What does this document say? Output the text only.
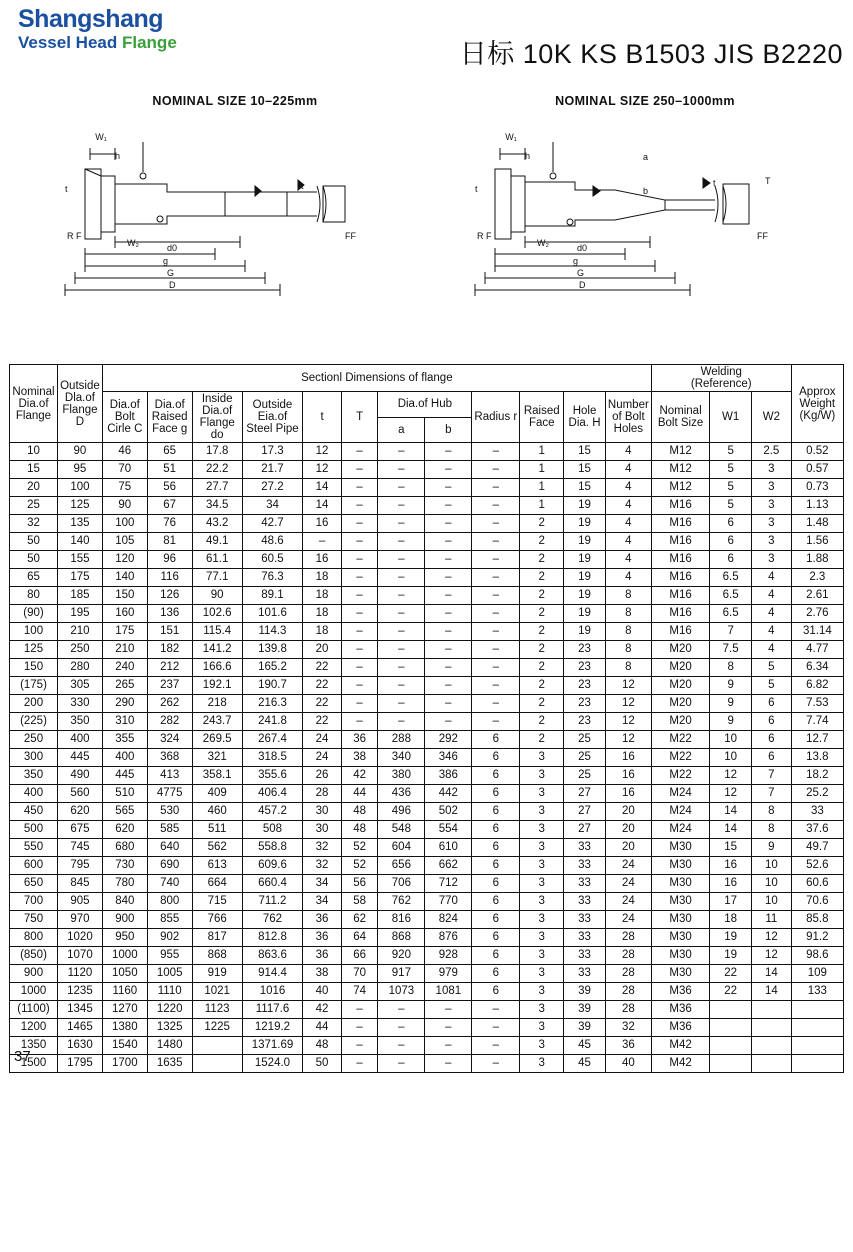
Shangshang
Vessel Head Flange	日标 10K KS B1503 JIS B2220
NOMINAL SIZE 10–225mm
W₁
h
t	t
R F
W₂	d0
g
G
D
FF
NOMINAL SIZE 250–1000mm
W₁
h	a
b
t
T
t
R F
W₂	d0
g
G
D
FF
Nominal Dia.of Flange	Outside Dla.of Flange D	Sectionl Dimensions of flange												Welding
(Reference)			Approx Weight (Kg/W)
		Dia.of Bolt Cirle C	Dia.of Raised Face g	Inside Dia.of Flange do	Outside Eia.of Steel Pipe	t	T	Dia.of Hub		Radius r	Raised Face	Hole Dia. H	Number of Bolt Holes	Nominal Bolt Size	W1	W2	
								a	b								
10	90	46	65	17.8	17.3	12	–	–	–	–	1	15	4	M12	5	2.5	0.52
15	95	70	51	22.2	21.7	12	–	–	–	–	1	15	4	M12	5	3	0.57
20	100	75	56	27.7	27.2	14	–	–	–	–	1	15	4	M12	5	3	0.73
25	125	90	67	34.5	34	14	–	–	–	–	1	19	4	M16	5	3	1.13
32	135	100	76	43.2	42.7	16	–	–	–	–	2	19	4	M16	6	3	1.48
50	140	105	81	49.1	48.6	–	–	–	–	–	2	19	4	M16	6	3	1.56
50	155	120	96	61.1	60.5	16	–	–	–	–	2	19	4	M16	6	3	1.88
65	175	140	116	77.1	76.3	18	–	–	–	–	2	19	4	M16	6.5	4	2.3
80	185	150	126	90	89.1	18	–	–	–	–	2	19	8	M16	6.5	4	2.61
(90)	195	160	136	102.6	101.6	18	–	–	–	–	2	19	8	M16	6.5	4	2.76
100	210	175	151	115.4	114.3	18	–	–	–	–	2	19	8	M16	7	4	31.14
125	250	210	182	141.2	139.8	20	–	–	–	–	2	23	8	M20	7.5	4	4.77
150	280	240	212	166.6	165.2	22	–	–	–	–	2	23	8	M20	8	5	6.34
(175)	305	265	237	192.1	190.7	22	–	–	–	–	2	23	12	M20	9	5	6.82
200	330	290	262	218	216.3	22	–	–	–	–	2	23	12	M20	9	6	7.53
(225)	350	310	282	243.7	241.8	22	–	–	–	–	2	23	12	M20	9	6	7.74
250	400	355	324	269.5	267.4	24	36	288	292	6	2	25	12	M22	10	6	12.7
300	445	400	368	321	318.5	24	38	340	346	6	3	25	16	M22	10	6	13.8
350	490	445	413	358.1	355.6	26	42	380	386	6	3	25	16	M22	12	7	18.2
400	560	510	4775	409	406.4	28	44	436	442	6	3	27	16	M24	12	7	25.2
450	620	565	530	460	457.2	30	48	496	502	6	3	27	20	M24	14	8	33
500	675	620	585	511	508	30	48	548	554	6	3	27	20	M24	14	8	37.6
550	745	680	640	562	558.8	32	52	604	610	6	3	33	20	M30	15	9	49.7
600	795	730	690	613	609.6	32	52	656	662	6	3	33	24	M30	16	10	52.6
650	845	780	740	664	660.4	34	56	706	712	6	3	33	24	M30	16	10	60.6
700	905	840	800	715	711.2	34	58	762	770	6	3	33	24	M30	17	10	70.6
750	970	900	855	766	762	36	62	816	824	6	3	33	24	M30	18	11	85.8
800	1020	950	902	817	812.8	36	64	868	876	6	3	33	28	M30	19	12	91.2
(850)	1070	1000	955	868	863.6	36	66	920	928	6	3	33	28	M30	19	12	98.6
900	1120	1050	1005	919	914.4	38	70	917	979	6	3	33	28	M30	22	14	109
1000	1235	1160	1110	1021	1016	40	74	1073	1081	6	3	39	28	M36	22	14	133
(1100)	1345	1270	1220	1123	1117.6	42	–	–	–	–	3	39	28	M36			
1200	1465	1380	1325	1225	1219.2	44	–	–	–	–	3	39	32	M36			
1350	1630	1540	1480		1371.69	48	–	–	–	–	3	45	36	M42			
1500	1795	1700	1635		1524.0	50	–	–	–	–	3	45	40	M42			
37
